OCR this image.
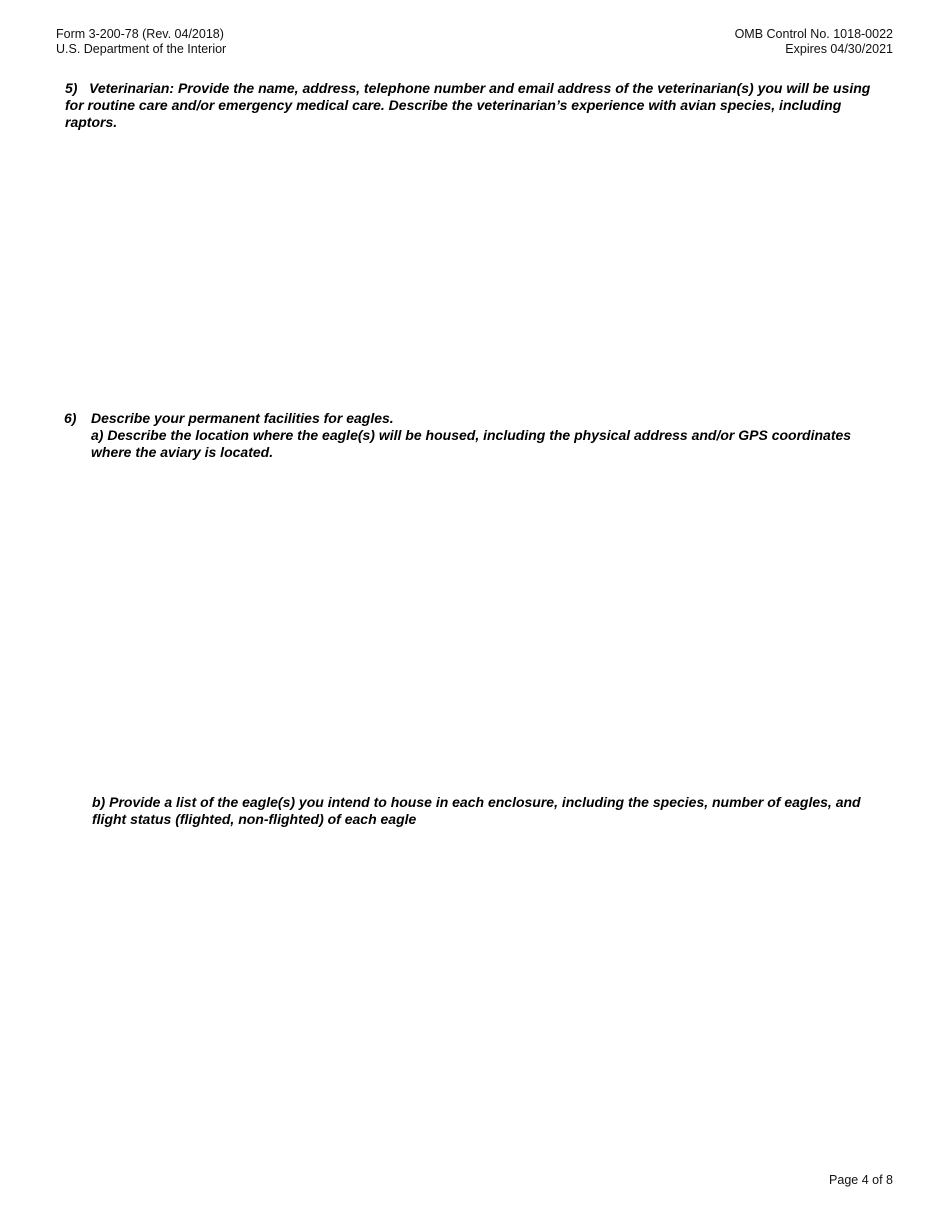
Form 3-200-78 (Rev. 04/2018)
U.S. Department of the Interior
OMB Control No. 1018-0022
Expires 04/30/2021
5) Veterinarian: Provide the name, address, telephone number and email address of the veterinarian(s) you will be using for routine care and/or emergency medical care. Describe the veterinarian’s experience with avian species, including raptors.
6) Describe your permanent facilities for eagles.
a) Describe the location where the eagle(s) will be housed, including the physical address and/or GPS coordinates where the aviary is located.
b) Provide a list of the eagle(s) you intend to house in each enclosure, including the species, number of eagles, and flight status (flighted, non-flighted) of each eagle
Page 4 of 8
